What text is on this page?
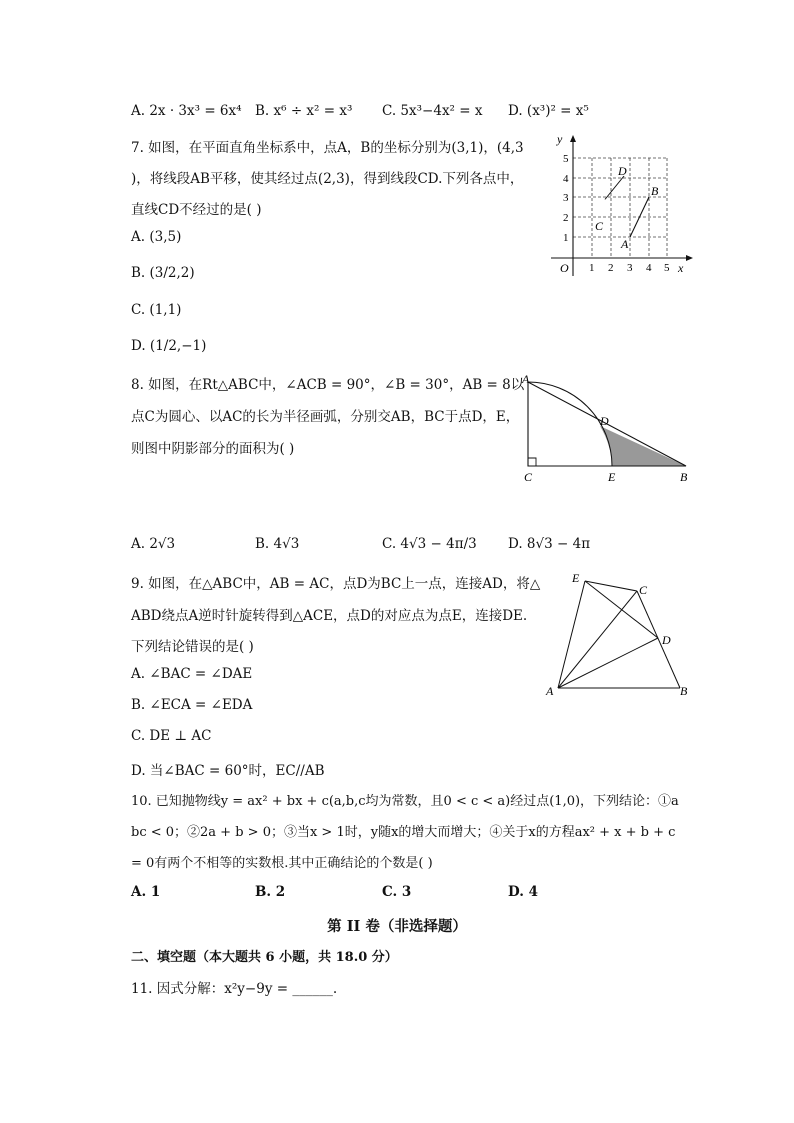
A. 2x · 3x³ = 6x⁴ B. x⁶ ÷ x² = x³ C. 5x³−4x² = x D. (x³)² = x⁵
7. 如图，在平面直角坐标系中，点A，B的坐标分别为(3,1)，(4,3
)，将线段AB平移，使其经过点(2,3)，得到线段CD.下列各点中，
直线CD不经过的是( )
A. (3,5)
B. (3/2,2)
C. (1,1)
D. (1/2,−1)
y
x
O
A
B
C
D
1 2 3 4 5
1
2
3
4
5
8. 如图，在Rt△ABC中，∠ACB = 90°，∠B = 30°，AB = 8以
点C为圆心、以AC的长为半径画弧，分别交AB，BC于点D，E，
则图中阴影部分的面积为( )
A. 2√3	B. 4√3	C. 4√3 − 4π/3 D. 8√3 − 4π
A
C	E	B
D
9. 如图，在△ABC中，AB = AC，点D为BC上一点，连接AD，将△
ABD绕点A逆时针旋转得到△ACE，点D的对应点为点E，连接DE.
下列结论错误的是( )
A. ∠BAC = ∠DAE
B. ∠ECA = ∠EDA
C. DE ⊥ AC
D. 当∠BAC = 60°时，EC//AB
A	B
C
D
E
10. 已知抛物线y = ax² + bx + c(a,b,c均为常数，且0 < c < a)经过点(1,0)，下列结论：①a
bc < 0；②2a + b > 0；③当x > 1时，y随x的增大而增大；④关于x的方程ax² + x + b + c
= 0有两个不相等的实数根.其中正确结论的个数是( )
A. 1	B. 2	C. 3	D. 4
第 II 卷（非选择题）
二、填空题（本大题共 6 小题，共 18.0 分）
11. 因式分解：x²y−9y = ______.
